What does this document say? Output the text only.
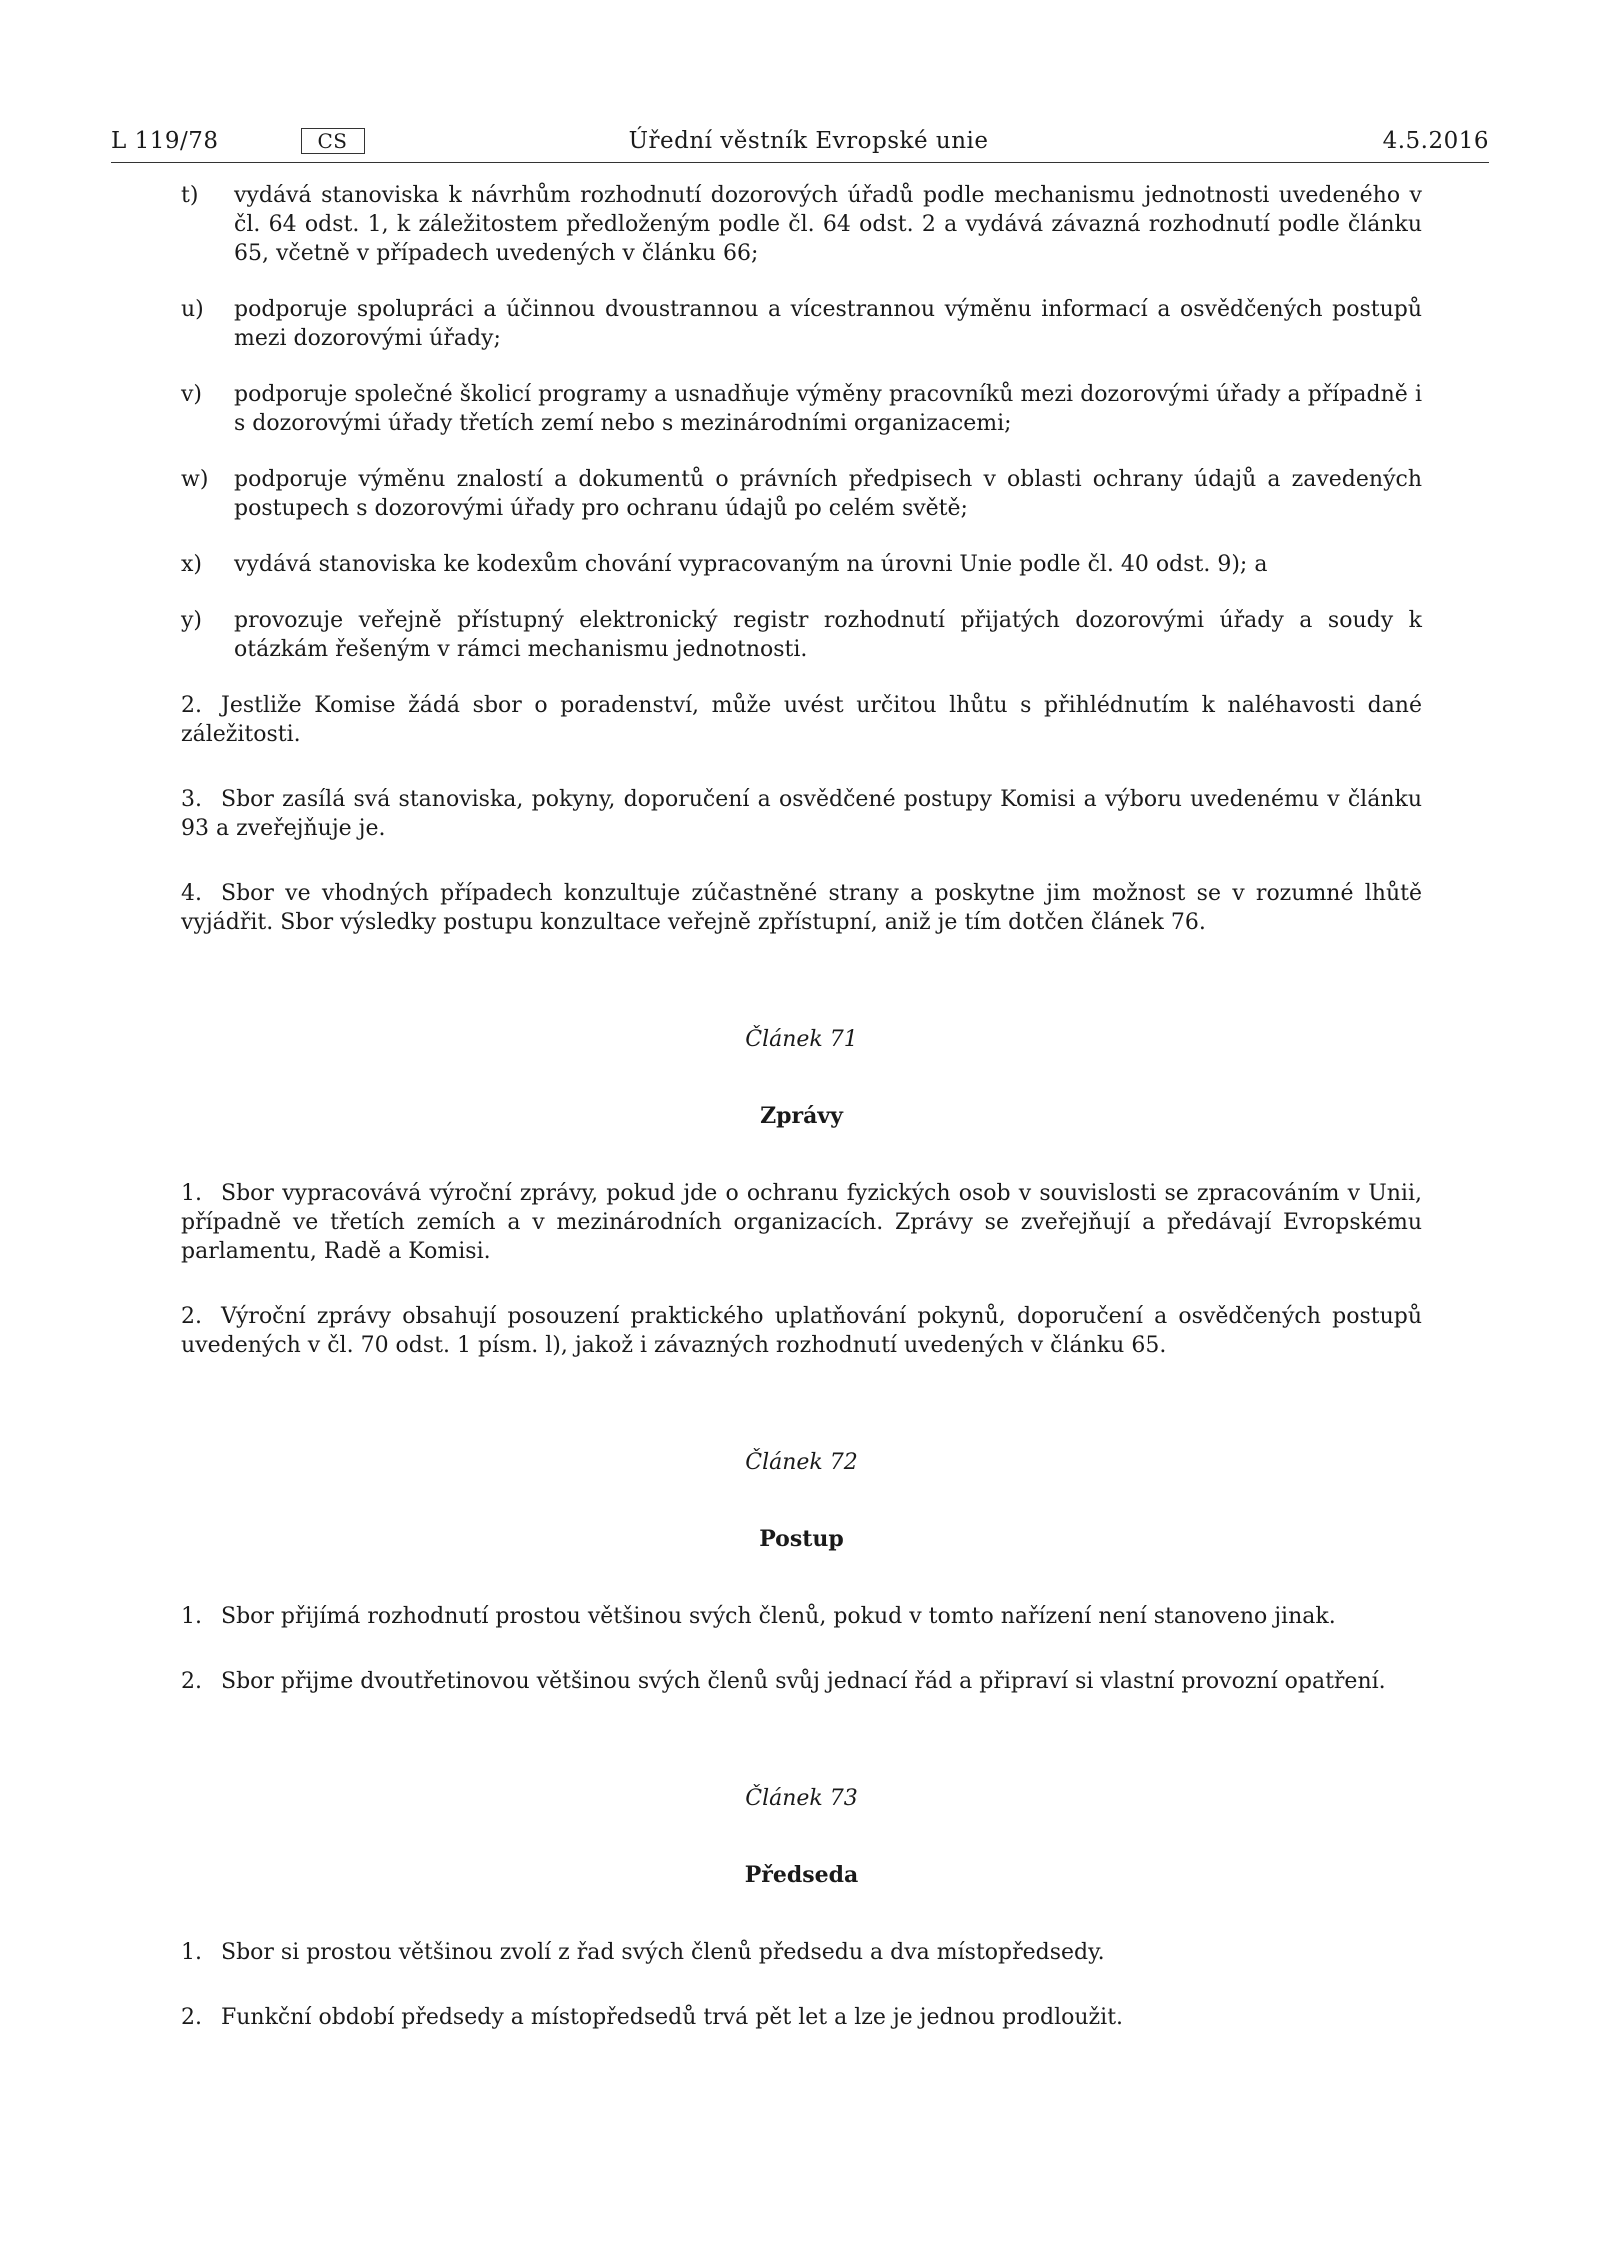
L 119/78	CS	Úřední věstník Evropské unie	4.5.2016
t)	vydává stanoviska k návrhům rozhodnutí dozorových úřadů podle mechanismu jednotnosti uvedeného v čl. 64 odst. 1, k záležitostem předloženým podle čl. 64 odst. 2 a vydává závazná rozhodnutí podle článku 65, včetně v případech uvedených v článku 66;
u)	podporuje spolupráci a účinnou dvoustrannou a vícestrannou výměnu informací a osvědčených postupů mezi dozorovými úřady;
v)	podporuje společné školicí programy a usnadňuje výměny pracovníků mezi dozorovými úřady a případně i s dozorovými úřady třetích zemí nebo s mezinárodními organizacemi;
w)	podporuje výměnu znalostí a dokumentů o právních předpisech v oblasti ochrany údajů a zavedených postupech s dozorovými úřady pro ochranu údajů po celém světě;
x)	vydává stanoviska ke kodexům chování vypracovaným na úrovni Unie podle čl. 40 odst. 9); a
y)	provozuje veřejně přístupný elektronický registr rozhodnutí přijatých dozorovými úřady a soudy k otázkám řešeným v rámci mechanismu jednotnosti.
2. Jestliže Komise žádá sbor o poradenství, může uvést určitou lhůtu s přihlédnutím k naléhavosti dané záležitosti.
3. Sbor zasílá svá stanoviska, pokyny, doporučení a osvědčené postupy Komisi a výboru uvedenému v článku 93 a zveřejňuje je.
4. Sbor ve vhodných případech konzultuje zúčastněné strany a poskytne jim možnost se v rozumné lhůtě vyjádřit. Sbor výsledky postupu konzultace veřejně zpřístupní, aniž je tím dotčen článek 76.
Článek 71
Zprávy
1. Sbor vypracovává výroční zprávy, pokud jde o ochranu fyzických osob v souvislosti se zpracováním v Unii, případně ve třetích zemích a v mezinárodních organizacích. Zprávy se zveřejňují a předávají Evropskému parlamentu, Radě a Komisi.
2. Výroční zprávy obsahují posouzení praktického uplatňování pokynů, doporučení a osvědčených postupů uvedených v čl. 70 odst. 1 písm. l), jakož i závazných rozhodnutí uvedených v článku 65.
Článek 72
Postup
1. Sbor přijímá rozhodnutí prostou většinou svých členů, pokud v tomto nařízení není stanoveno jinak.
2. Sbor přijme dvoutřetinovou většinou svých členů svůj jednací řád a připraví si vlastní provozní opatření.
Článek 73
Předseda
1. Sbor si prostou většinou zvolí z řad svých členů předsedu a dva místopředsedy.
2. Funkční období předsedy a místopředsedů trvá pět let a lze je jednou prodloužit.
